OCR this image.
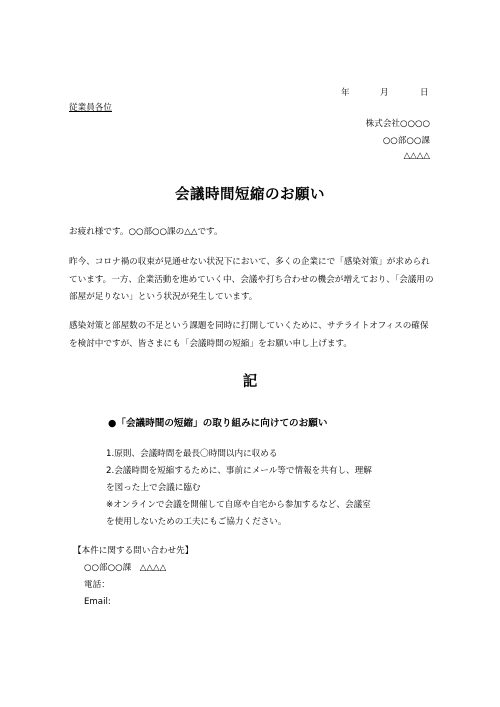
年	月	日
従業員各位
株式会社○○○○
○○部○○課
△△△△
会議時間短縮のお願い
お疲れ様です。○○部○○課の△△です。
昨今、コロナ禍の収束が見通せない状況下において、多くの企業にで「感染対策」が求められています。一方、企業活動を進めていく中、会議や打ち合わせの機会が増えており、「会議用の部屋が足りない」という状況が発生しています。
感染対策と部屋数の不足という課題を同時に打開していくために、サテライトオフィスの確保を検討中ですが、皆さまにも「会議時間の短縮」をお願い申し上げます。
記
●「会議時間の短縮」の取り組みに向けてのお願い
1.原則、会議時間を最長〇時間以内に収める
2.会議時間を短縮するために、事前にメール等で情報を共有し、理解を図った上で会議に臨む
※オンラインで会議を開催して自席や自宅から参加するなど、会議室を使用しないための工夫にもご協力ください。
【本件に関する問い合わせ先】
○○部○○課　△△△△
電話：
Email:
